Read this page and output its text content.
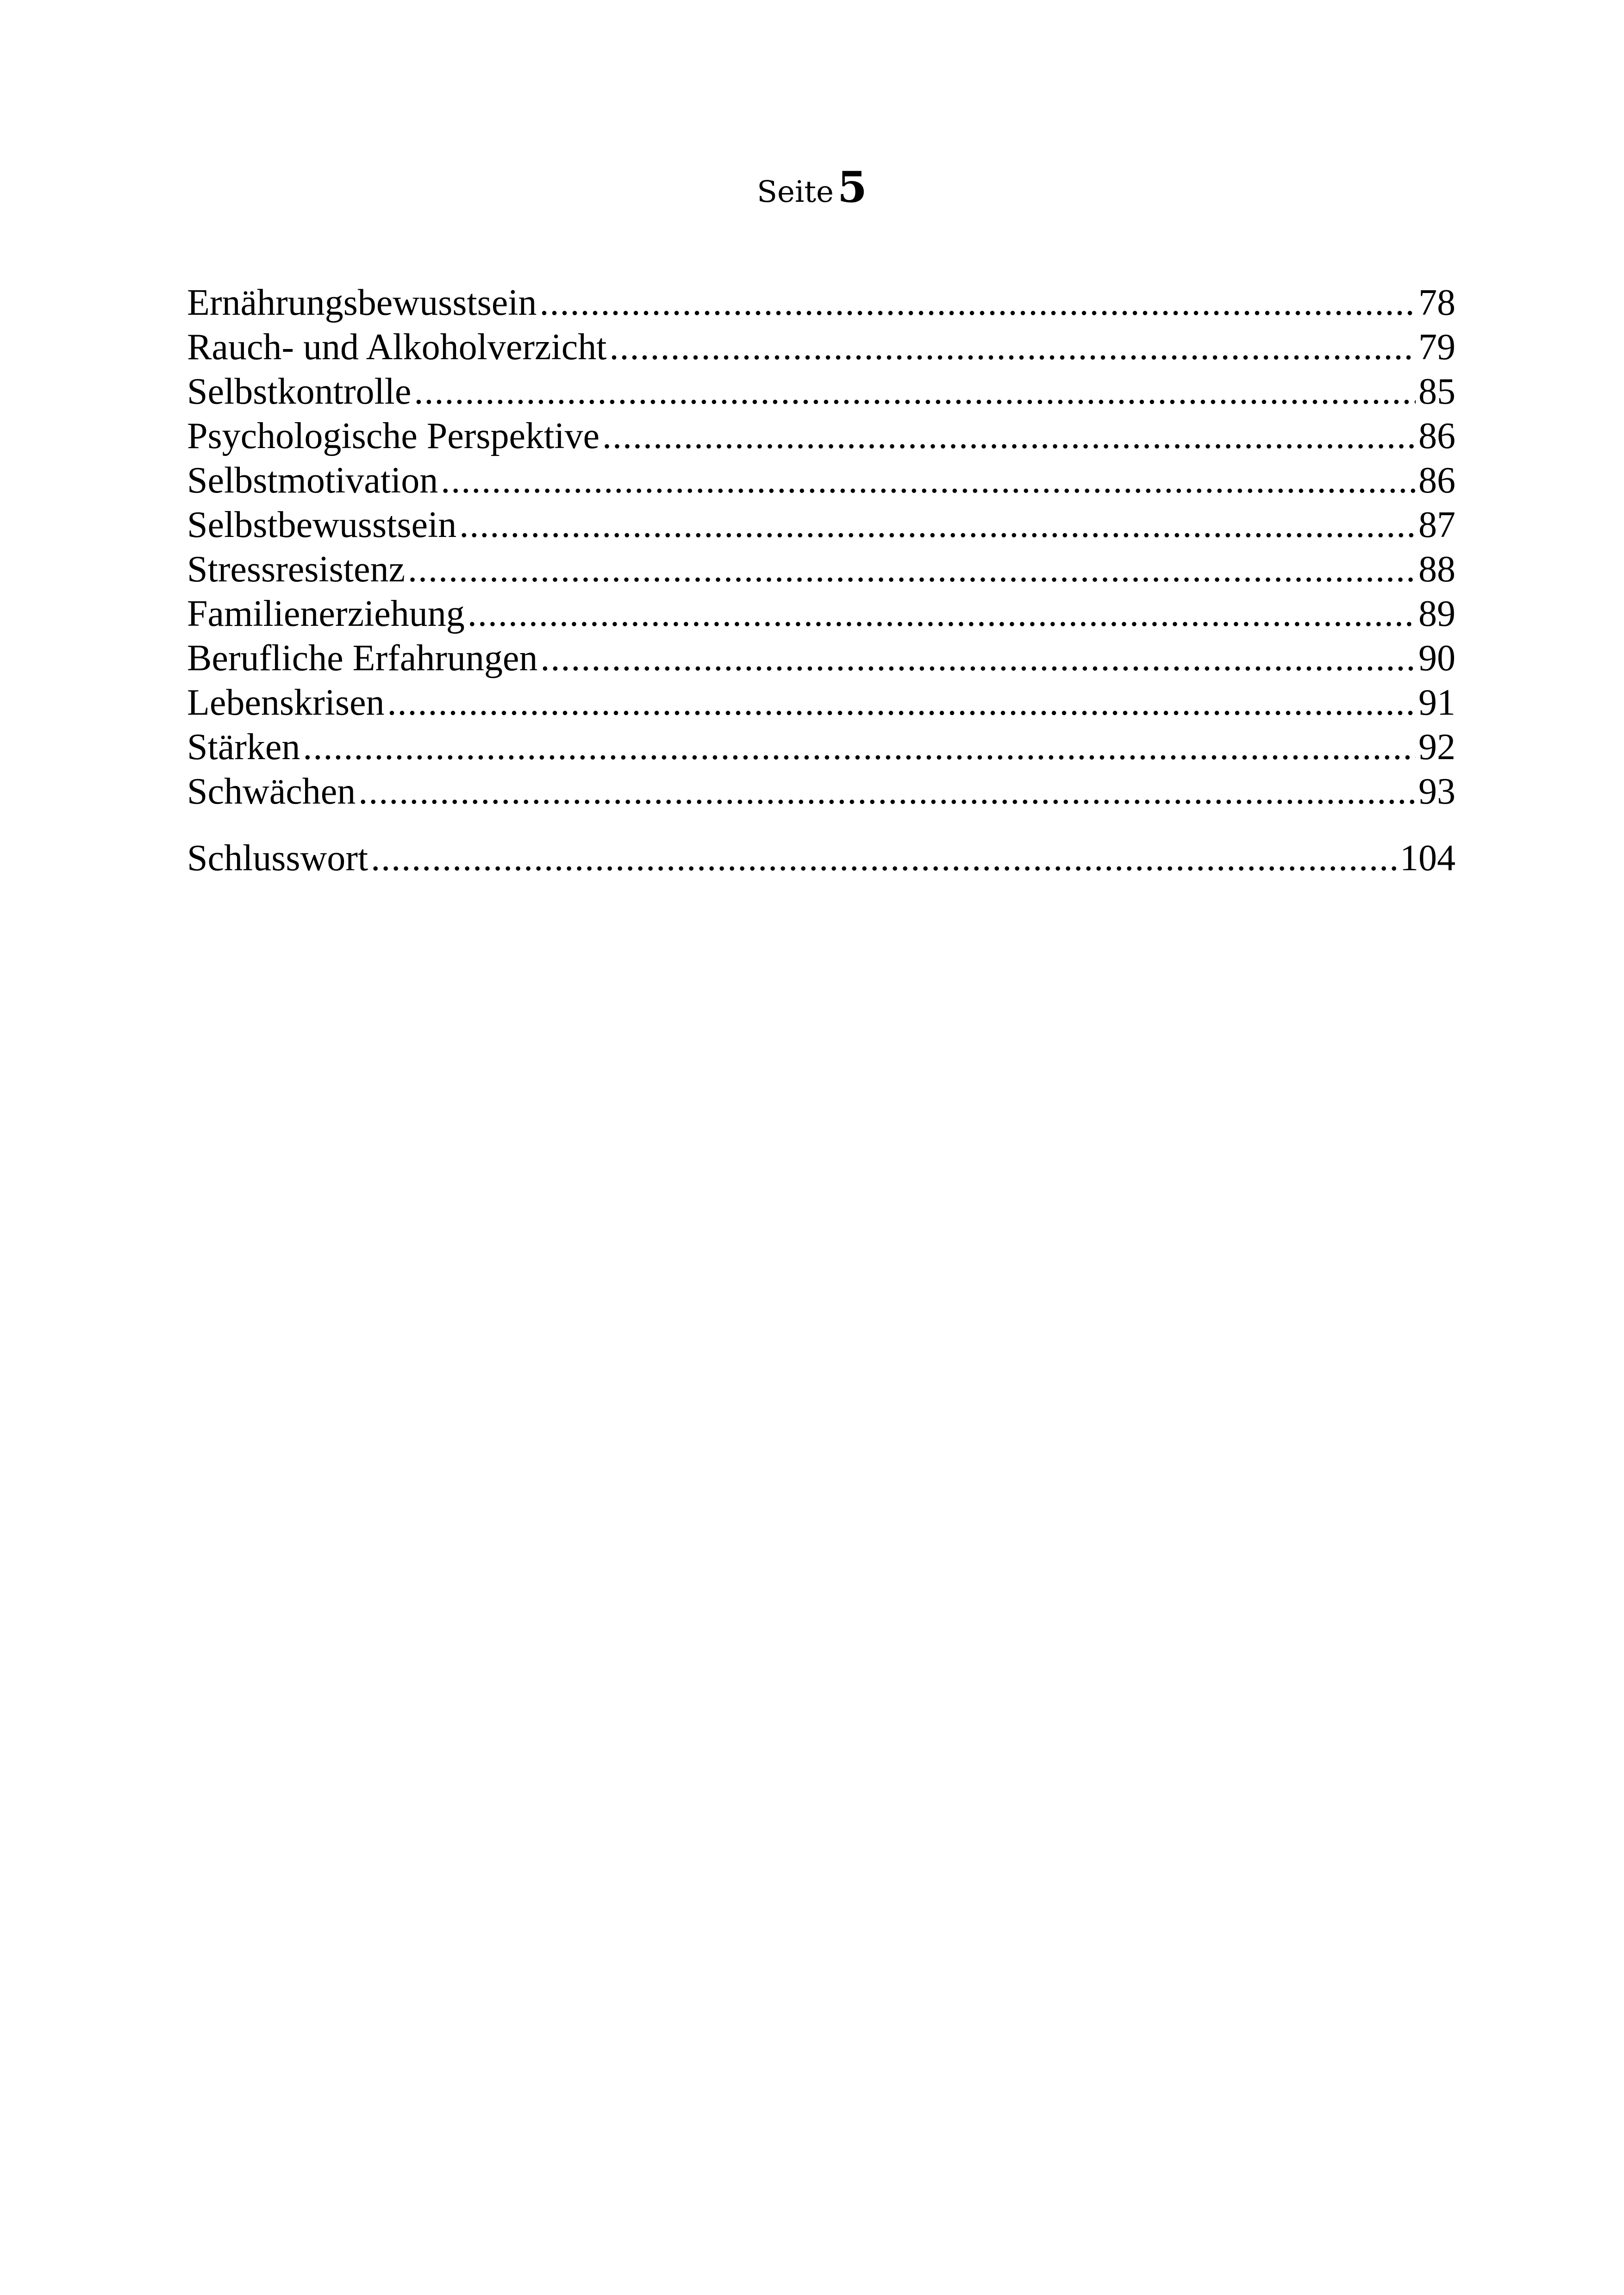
Seite5
Ernährungsbewusstsein .....	78
Rauch- und Alkoholverzicht .....	79
Selbstkontrolle .....	85
Psychologische Perspektive .....	86
Selbstmotivation .....	86
Selbstbewusstsein .....	87
Stressresistenz .....	88
Familienerziehung .....	89
Berufliche Erfahrungen .....	90
Lebenskrisen .....	91
Stärken .....	92
Schwächen .....	93
Schlusswort .....	104
